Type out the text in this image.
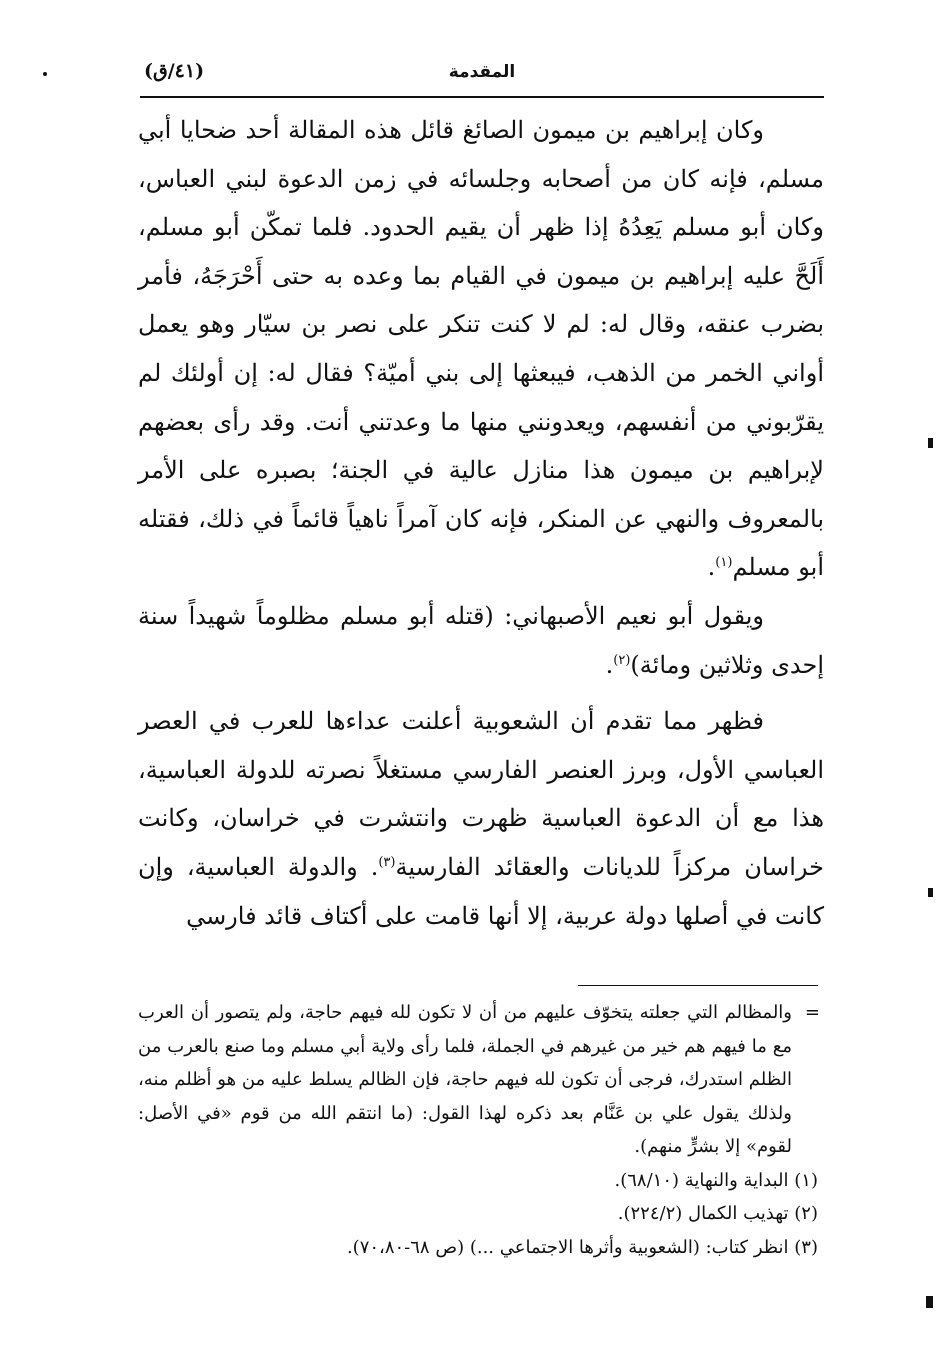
المقدمة
(٤١/ق)

وكان إبراهيم بن ميمون الصائغ قائل هذه المقالة أحد ضحايا أبي مسلم، فإنه كان من أصحابه وجلسائه في زمن الدعوة لبني العباس، وكان أبو مسلم يَعِدُهُ إذا ظهر أن يقيم الحدود. فلما تمكّن أبو مسلم، أَلَحَّ عليه إبراهيم بن ميمون في القيام بما وعده به حتى أَحْرَجَهُ، فأمر بضرب عنقه، وقال له: لم لا كنت تنكر على نصر بن سيّار وهو يعمل أواني الخمر من الذهب، فيبعثها إلى بني أميّة؟ فقال له: إن أولئك لم يقرّبوني من أنفسهم، ويعدونني منها ما وعدتني أنت. وقد رأى بعضهم لإبراهيم بن ميمون هذا منازل عالية في الجنة؛ بصبره على الأمر بالمعروف والنهي عن المنكر، فإنه كان آمراً ناهياً قائماً في ذلك، فقتله أبو مسلم$^{(١)}$.

ويقول أبو نعيم الأصبهاني: (قتله أبو مسلم مظلوماً شهيداً سنة إحدى وثلاثين ومائة)$^{(٢)}$.

فظهر مما تقدم أن الشعوبية أعلنت عداءها للعرب في العصر العباسي الأول، وبرز العنصر الفارسي مستغلاً نصرته للدولة العباسية، هذا مع أن الدعوة العباسية ظهرت وانتشرت في خراسان، وكانت خراسان مركزاً للديانات والعقائد الفارسية$^{(٣)}$. والدولة العباسية، وإن كانت في أصلها دولة عربية، إلا أنها قامت على أكتاف قائد فارسي

=
والمظالم التي جعلته يتخوّف عليهم من أن لا تكون لله فيهم حاجة، ولم يتصور أن العرب مع ما فيهم هم خير من غيرهم في الجملة، فلما رأى ولاية أبي مسلم وما صنع بالعرب من الظلم استدرك، فرجى أن تكون لله فيهم حاجة، فإن الظالم يسلط عليه من هو أظلم منه، ولذلك يقول علي بن عَنَّام بعد ذكره لهذا القول: (ما انتقم الله من قوم «في الأصل: لقوم» إلا بشرٍّ منهم).

(١) البداية والنهاية (٦٨/١٠).

(٢) تهذيب الكمال (٢٢٤/٢).

(٣) انظر كتاب: (الشعوبية وأثرها الاجتماعي ...) (ص ٦٨-٧٠،٨٠).
